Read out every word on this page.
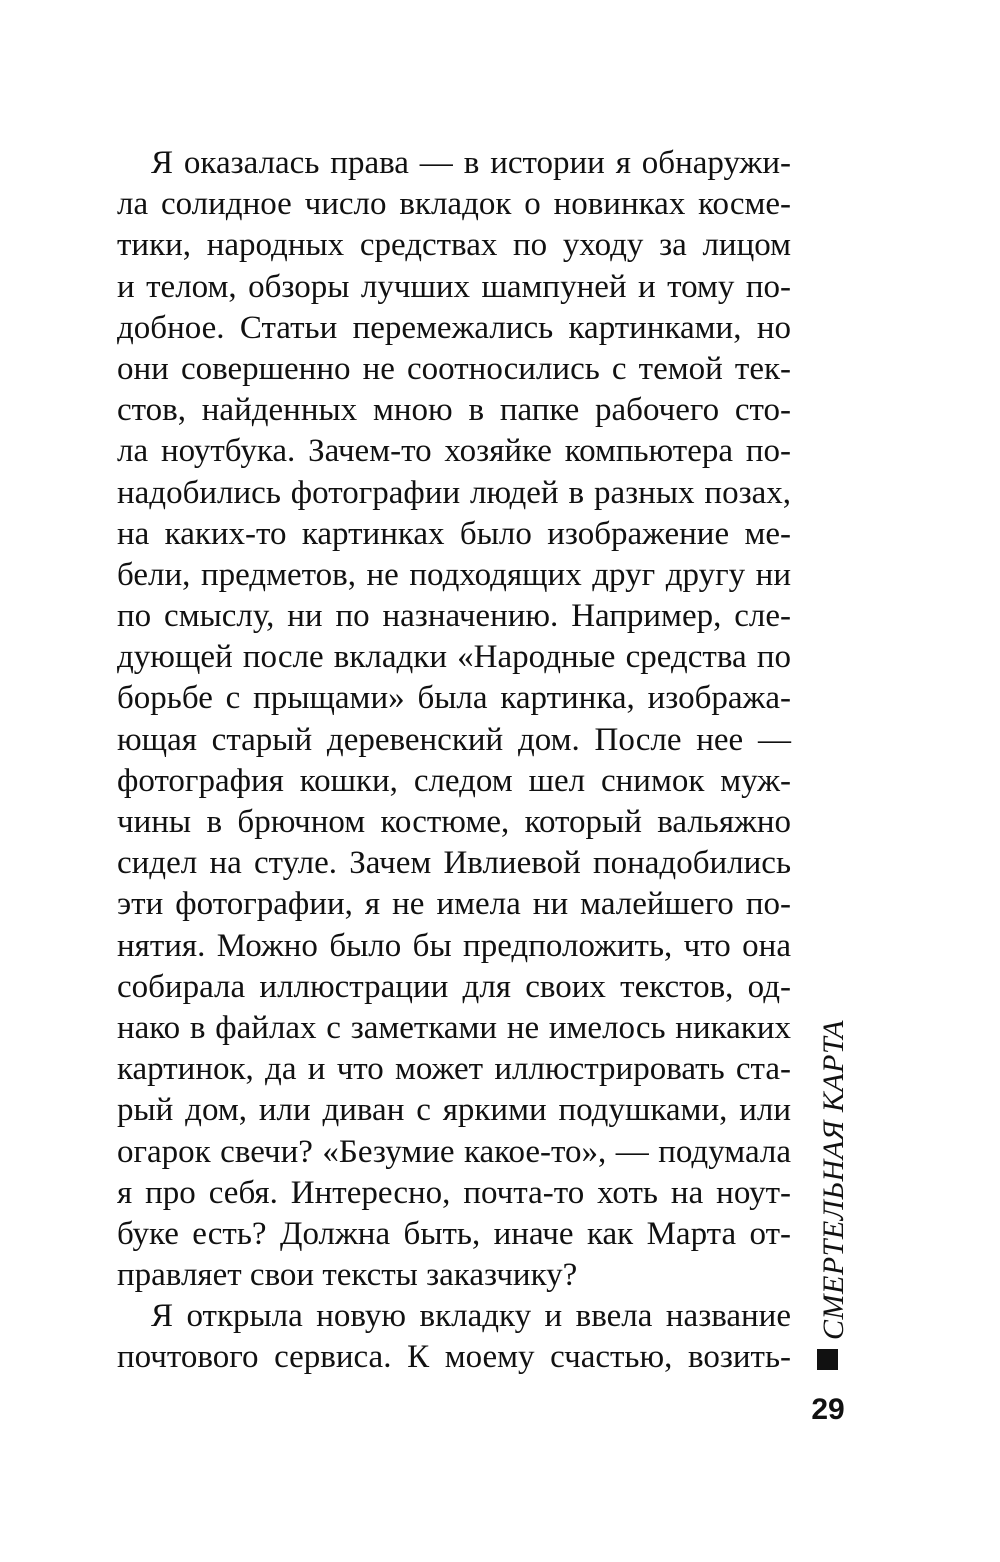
Я оказалась права — в истории я обнаружи-
ла солидное число вкладок о новинках косме-
тики, народных средствах по уходу за лицом
и телом, обзоры лучших шампуней и тому по-
добное. Статьи перемежались картинками, но
они совершенно не соотносились с темой тек-
стов, найденных мною в папке рабочего сто-
ла ноутбука. Зачем-то хозяйке компьютера по-
надобились фотографии людей в разных позах,
на каких-то картинках было изображение ме-
бели, предметов, не подходящих друг другу ни
по смыслу, ни по назначению. Например, сле-
дующей после вкладки «Народные средства по
борьбе с прыщами» была картинка, изобража-
ющая старый деревенский дом. После нее —
фотография кошки, следом шел снимок муж-
чины в брючном костюме, который вальяжно
сидел на стуле. Зачем Ивлиевой понадобились
эти фотографии, я не имела ни малейшего по-
нятия. Можно было бы предположить, что она
собирала иллюстрации для своих текстов, од-
нако в файлах с заметками не имелось никаких
картинок, да и что может иллюстрировать ста-
рый дом, или диван с яркими подушками, или
огарок свечи? «Безумие какое-то», — подумала
я про себя. Интересно, почта-то хоть на ноут-
буке есть? Должна быть, иначе как Марта от-
правляет свои тексты заказчику?
Я открыла новую вкладку и ввела название
почтового сервиса. К моему счастью, возить-
СМЕРТЕЛЬНАЯ КАРТА
29
